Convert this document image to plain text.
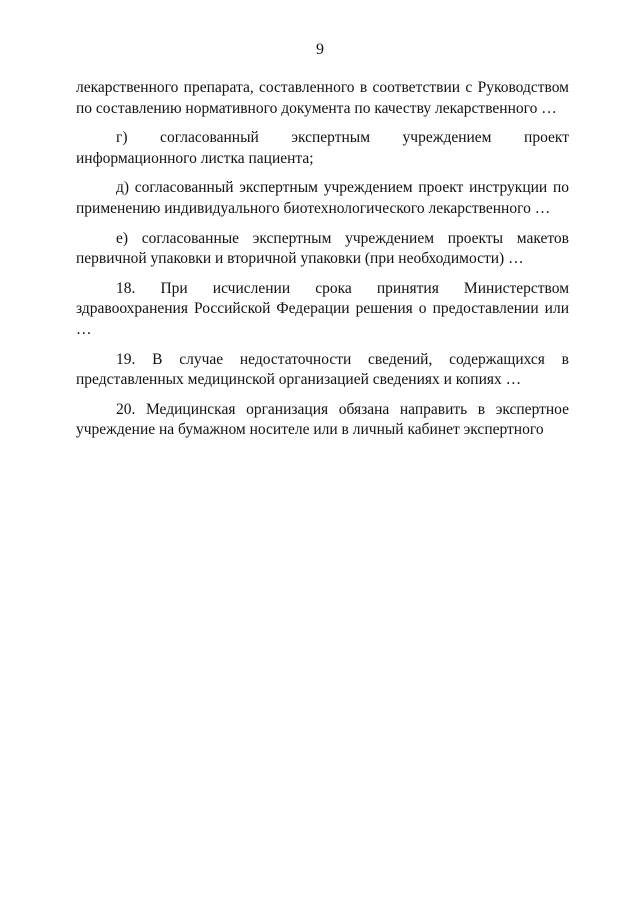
9

лекарственного препарата, составленного в соответствии с Руководством по составлению нормативного документа по качеству лекарственного …

г) согласованный экспертным учреждением проект информационного листка пациента;

д) согласованный экспертным учреждением проект инструкции по применению индивидуального биотехнологического лекарственного …

е) согласованные экспертным учреждением проекты макетов первичной упаковки и вторичной упаковки (при необходимости) …

18. При исчислении срока принятия Министерством здравоохранения Российской Федерации решения о предоставлении или …

19. В случае недостаточности сведений, содержащихся в представленных медицинской организацией сведениях и копиях …

20. Медицинская организация обязана направить в экспертное учреждение на бумажном носителе или в личный кабинет экспертного
